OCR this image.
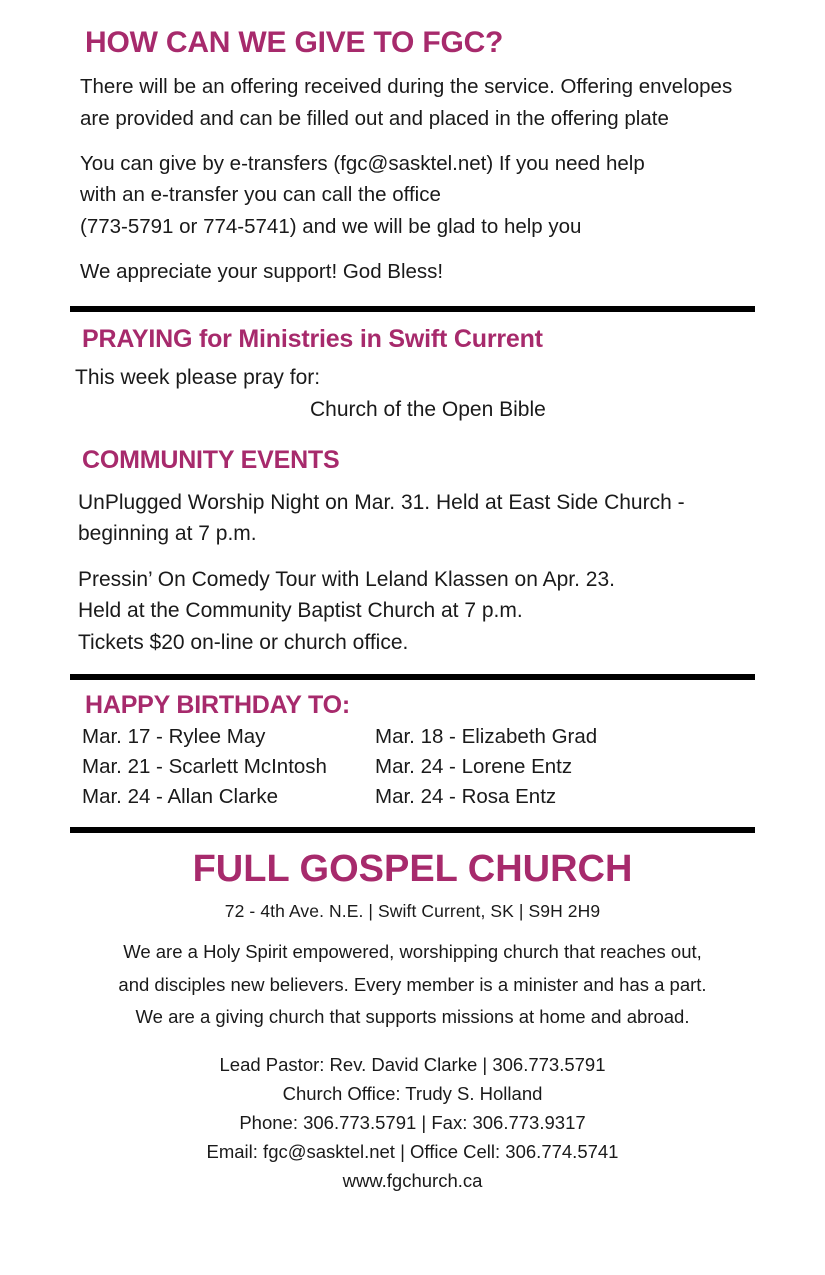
HOW CAN WE GIVE TO FGC?

There will be an offering received during the service. Offering envelopes are provided and can be filled out and placed in the offering plate

You can give by e-transfers (fgc@sasktel.net) If you need help
with an e-transfer you can call the office
(773-5791 or 774-5741) and we will be glad to help you

We appreciate your support! God Bless!

PRAYING for Ministries in Swift Current

This week please pray for:

Church of the Open Bible

COMMUNITY EVENTS

UnPlugged Worship Night on Mar. 31. Held at East Side Church - beginning at 7 p.m.

Pressin’ On Comedy Tour with Leland Klassen on Apr. 23.
Held at the Community Baptist Church at 7 p.m.
Tickets $20 on-line or church office.
HAPPY BIRTHDAY TO:
Mar. 17 - Rylee May	Mar. 18 - Elizabeth Grad
Mar. 21 - Scarlett McIntosh	Mar. 24 - Lorene Entz
Mar. 24 - Allan Clarke	Mar. 24 - Rosa Entz
FULL GOSPEL CHURCH
72 - 4th Ave. N.E. | Swift Current, SK | S9H 2H9
We are a Holy Spirit empowered, worshipping church that reaches out,
and disciples new believers. Every member is a minister and has a part.
We are a giving church that supports missions at home and abroad.
Lead Pastor: Rev. David Clarke | 306.773.5791
Church Office: Trudy S. Holland
Phone: 306.773.5791 | Fax: 306.773.9317
Email: fgc@sasktel.net | Office Cell: 306.774.5741
www.fgchurch.ca
